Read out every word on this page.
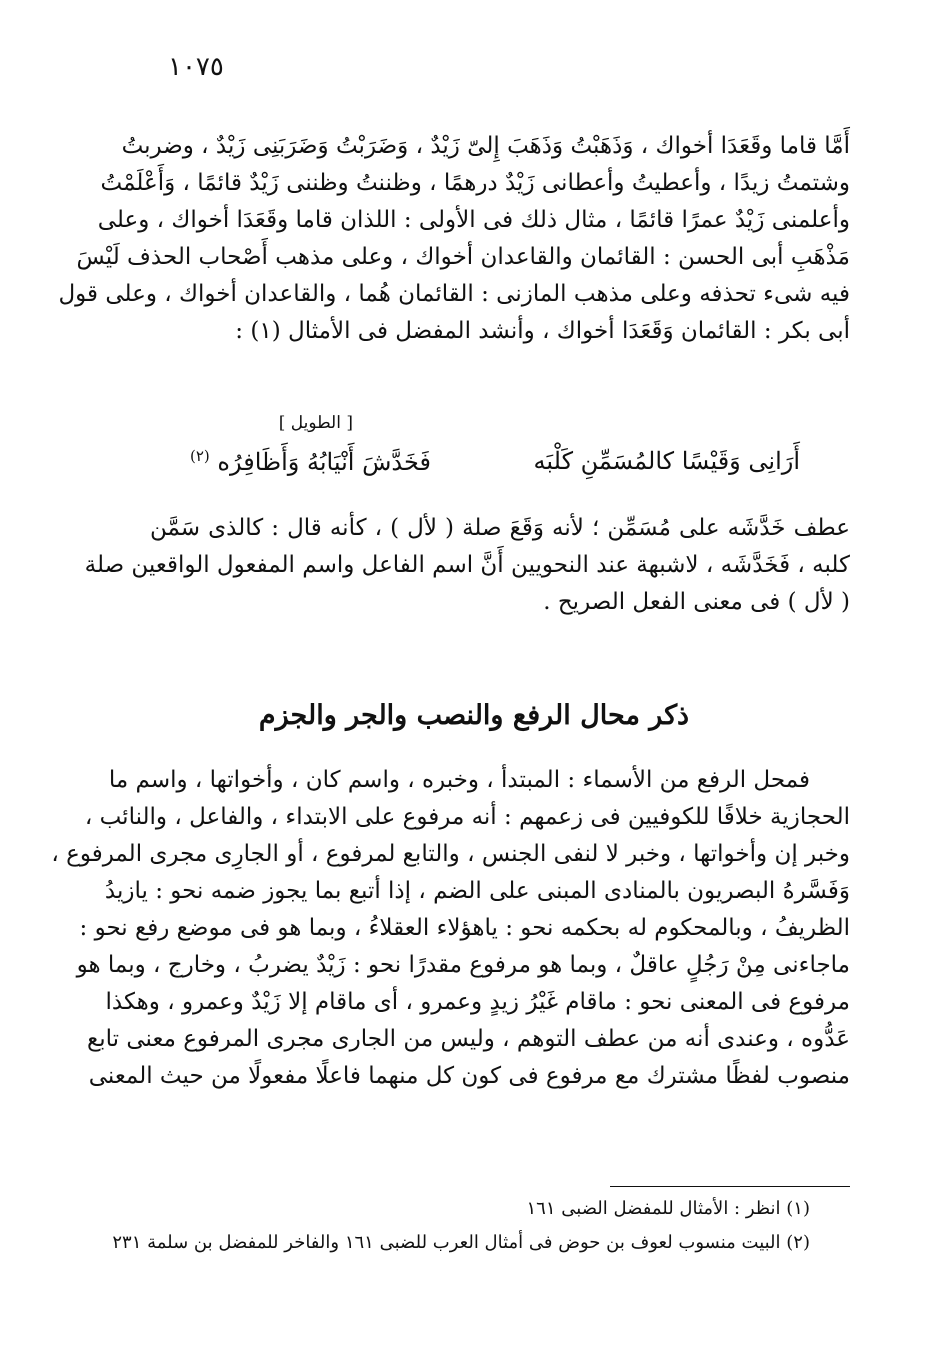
١٠٧٥
أَمَّا قاما وقَعَدَا أخواك ، وَذَهَبْتُ وَذَهَبَ إِلىّ زَيْدٌ ، وَضَرَبْتُ وَضَرَبَنِى زَيْدٌ ، وضربتُ
وشتمتُ زيدًا ، وأعطيتُ وأعطانى زَيْدٌ درهمًا ، وظننتُ وظننى زَيْدٌ قائمًا ، وَأَعْلَمْتُ
وأعلمنى زَيْدٌ عمرًا قائمًا ، مثال ذلك فى الأولى : اللذان قاما وقَعَدَا أخواك ، وعلى
مَذْهَبِ أبى الحسن : القائمان والقاعدان أخواك ، وعلى مذهب أَصْحاب الحذف لَيْسَ
فيه شىء تحذفه وعلى مذهب المازنى : القائمان هُما ، والقاعدان أخواك ، وعلى قول
أبى بكر : القائمان وَقَعَدَا أخواك ، وأنشد المفضل فى الأمثال (١) :
[ الطويل ]
أَرَانِى وَقَيْسًا كالمُسَمِّنِ كَلْبَه
فَخَدَّشَ أَنْيَابُهُ وَأَظَافِرُه $^{(٢)}$
عطف خَدَّشَه على مُسَمِّن ؛ لأنه وَقَعَ صلة ( لأل ) ، كأنه قال : كالذى سَمَّن
كلبه ، فَخَدَّشَه ، لاشبهة عند النحويين أَنَّ اسم الفاعل واسم المفعول الواقعين صلة
( لأل ) فى معنى الفعل الصريح .
ذكر محال الرفع والنصب والجر والجزم
فمحل الرفع من الأسماء : المبتدأ ، وخبره ، واسم كان ، وأخواتها ، واسم ما
الحجازية خلافًا للكوفيين فى زعمهم : أنه مرفوع على الابتداء ، والفاعل ، والنائب ،
وخبر إن وأخواتها ، وخبر لا لنفى الجنس ، والتابع لمرفوع ، أو الجارِى مجرى المرفوع ،
وَفَسَّرهُ البصريون بالمنادى المبنى على الضم ، إذا أتبع بما يجوز ضمه نحو : يازيدُ
الظريفُ ، وبالمحكوم له بحكمه نحو : ياهؤلاء العقلاءُ ، وبما هو فى موضع رفع نحو :
ماجاءنى مِنْ رَجُلٍ عاقلٌ ، وبما هو مرفوع مقدرًا نحو : زَيْدٌ يضربُ ، وخارج ، وبما هو
مرفوع فى المعنى نحو : ماقام غَيْرُ زيدٍ وعمرو ، أى ماقام إلا زَيْدٌ وعمرو ، وهكذا
عَدُّوه ، وعندى أنه من عطف التوهم ، وليس من الجارى مجرى المرفوع معنى تابع
منصوب لفظًا مشترك مع مرفوع فى كون كل منهما فاعلًا مفعولًا من حيث المعنى
(١) انظر : الأمثال للمفضل الضبى ١٦١
(٢) البيت منسوب لعوف بن حوض فى أمثال العرب للضبى ١٦١ والفاخر للمفضل بن سلمة ٢٣١
